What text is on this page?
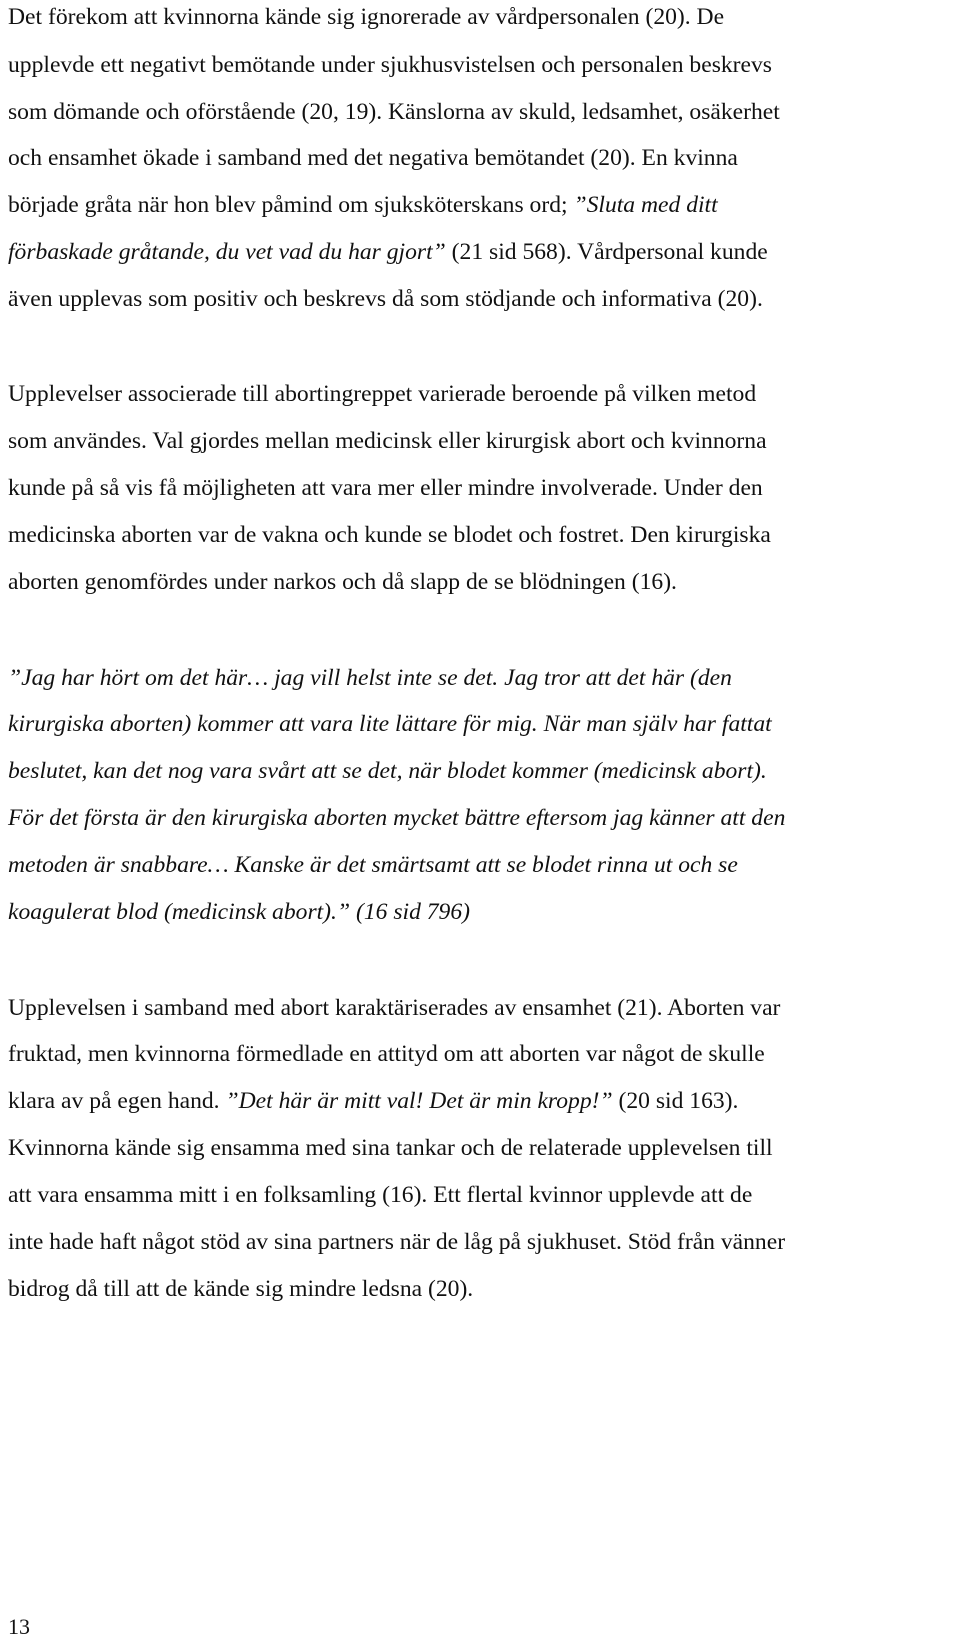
Det förekom att kvinnorna kände sig ignorerade av vårdpersonalen (20). De
upplevde ett negativt bemötande under sjukhusvistelsen och personalen beskrevs
som dömande och oförstående (20, 19). Känslorna av skuld, ledsamhet, osäkerhet
och ensamhet ökade i samband med det negativa bemötandet (20). En kvinna
började gråta när hon blev påmind om sjuksköterskans ord; ”Sluta med ditt
förbaskade gråtande, du vet vad du har gjort” (21 sid 568). Vårdpersonal kunde
även upplevas som positiv och beskrevs då som stödjande och informativa (20).
Upplevelser associerade till abortingreppet varierade beroende på vilken metod
som användes. Val gjordes mellan medicinsk eller kirurgisk abort och kvinnorna
kunde på så vis få möjligheten att vara mer eller mindre involverade. Under den
medicinska aborten var de vakna och kunde se blodet och fostret. Den kirurgiska
aborten genomfördes under narkos och då slapp de se blödningen (16).
”Jag har hört om det här… jag vill helst inte se det. Jag tror att det här (den
kirurgiska aborten) kommer att vara lite lättare för mig. När man själv har fattat
beslutet, kan det nog vara svårt att se det, när blodet kommer (medicinsk abort).
För det första är den kirurgiska aborten mycket bättre eftersom jag känner att den
metoden är snabbare… Kanske är det smärtsamt att se blodet rinna ut och se
koagulerat blod (medicinsk abort).” (16 sid 796)
Upplevelsen i samband med abort karaktäriserades av ensamhet (21). Aborten var
fruktad, men kvinnorna förmedlade en attityd om att aborten var något de skulle
klara av på egen hand. ”Det här är mitt val! Det är min kropp!” (20 sid 163).
Kvinnorna kände sig ensamma med sina tankar och de relaterade upplevelsen till
att vara ensamma mitt i en folksamling (16). Ett flertal kvinnor upplevde att de
inte hade haft något stöd av sina partners när de låg på sjukhuset. Stöd från vänner
bidrog då till att de kände sig mindre ledsna (20).
13
